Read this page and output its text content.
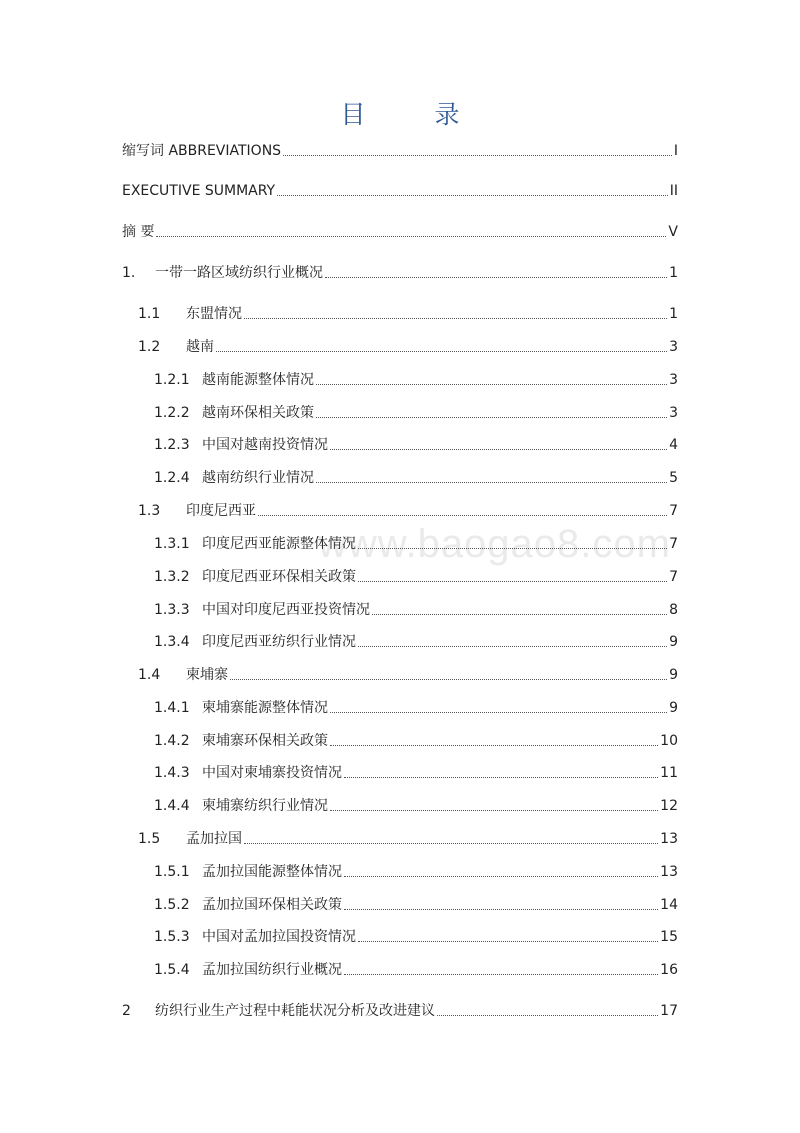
目　录
www.baogao8.com
缩写词 ABBREVIATIONS	I
EXECUTIVE SUMMARY	II
摘 要	V
1.	一带一路区域纺织行业概况	1
1.1	东盟情况	1
1.2	越南	3
1.2.1 越南能源整体情况	3
1.2.2 越南环保相关政策	3
1.2.3 中国对越南投资情况	4
1.2.4 越南纺织行业情况	5
1.3	印度尼西亚	7
1.3.1 印度尼西亚能源整体情况	7
1.3.2 印度尼西亚环保相关政策	7
1.3.3 中国对印度尼西亚投资情况	8
1.3.4 印度尼西亚纺织行业情况	9
1.4	柬埔寨	9
1.4.1 柬埔寨能源整体情况	9
1.4.2 柬埔寨环保相关政策	10
1.4.3 中国对柬埔寨投资情况	11
1.4.4 柬埔寨纺织行业情况	12
1.5	孟加拉国	13
1.5.1 孟加拉国能源整体情况	13
1.5.2 孟加拉国环保相关政策	14
1.5.3 中国对孟加拉国投资情况	15
1.5.4 孟加拉国纺织行业概况	16
2	纺织行业生产过程中耗能状况分析及改进建议	17
